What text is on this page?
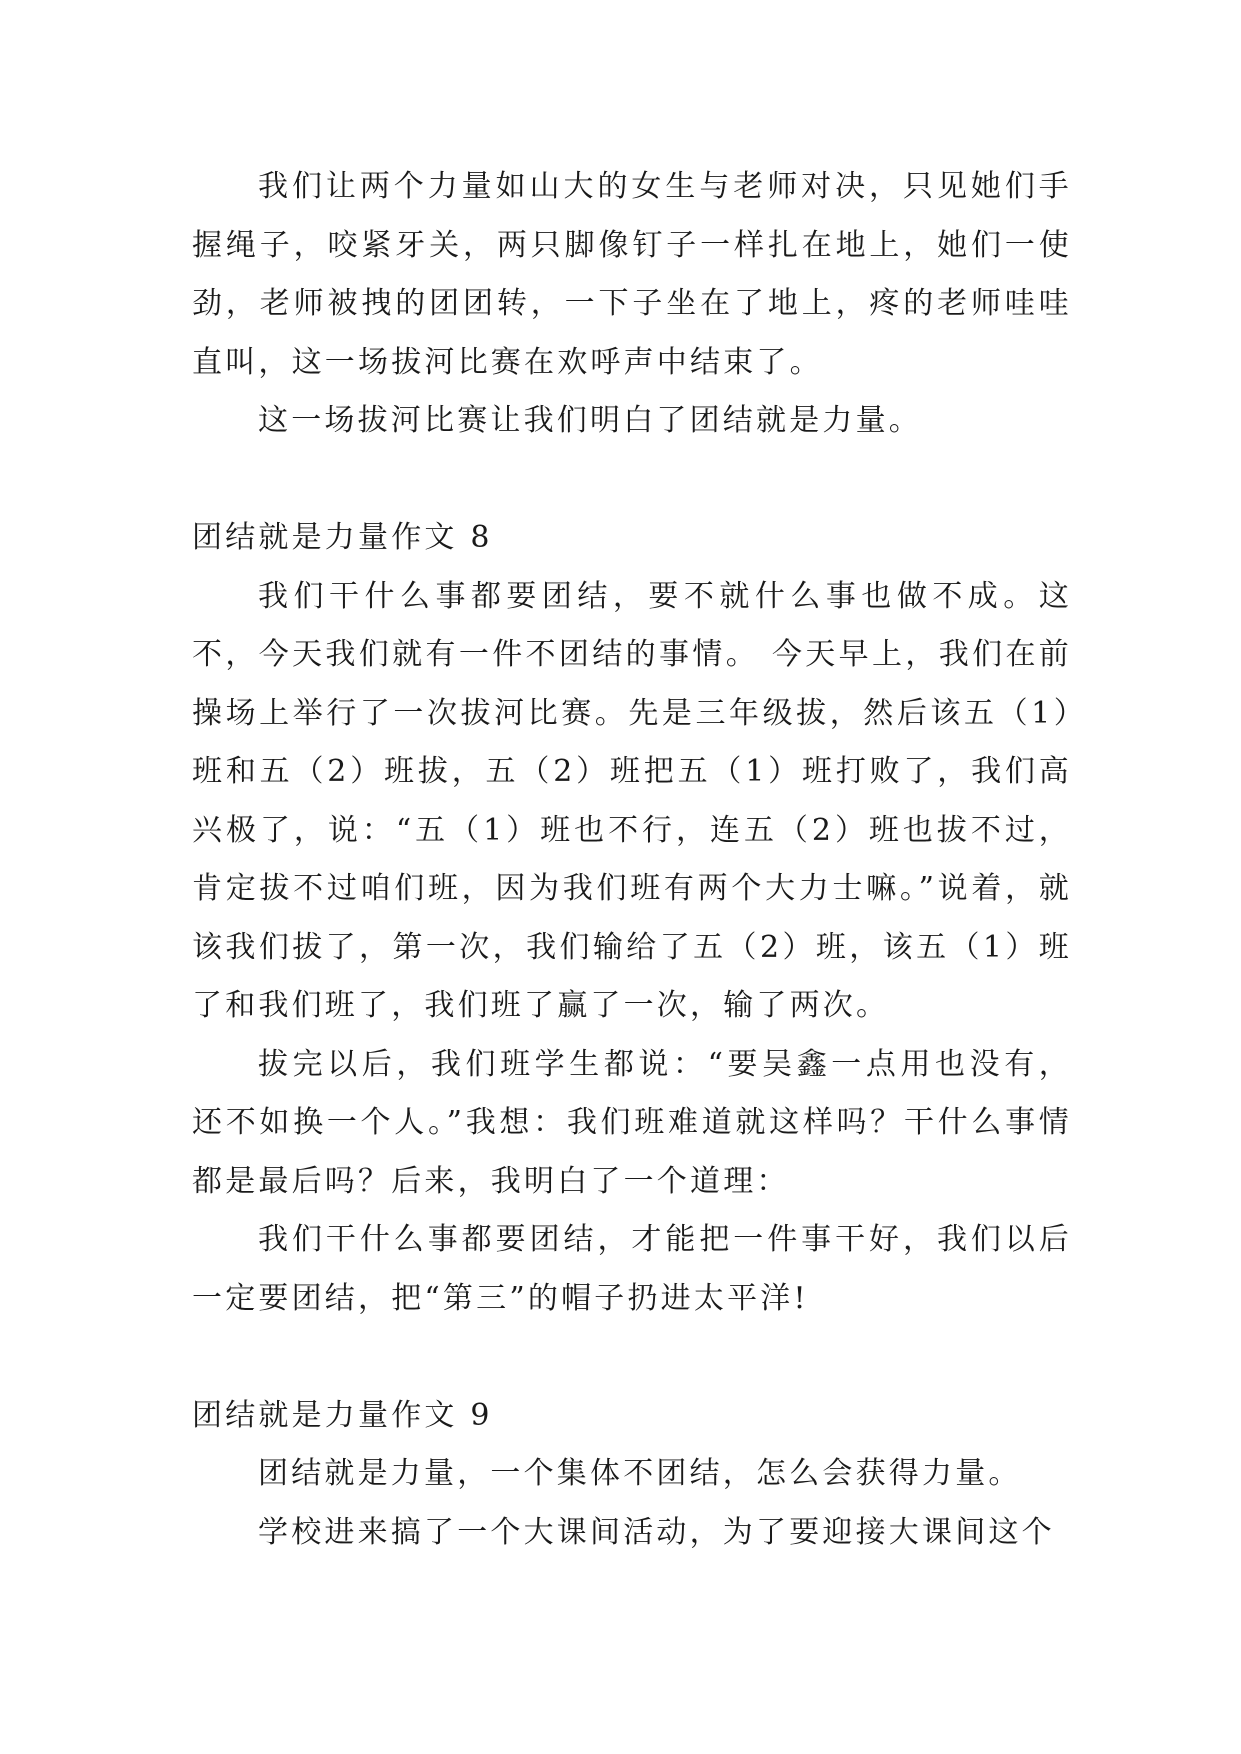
我们让两个力量如山大的女生与老师对决，只见她们手握绳子，咬紧牙关，两只脚像钉子一样扎在地上，她们一使劲，老师被拽的团团转，一下子坐在了地上，疼的老师哇哇直叫，这一场拔河比赛在欢呼声中结束了。

这一场拔河比赛让我们明白了团结就是力量。

团结就是力量作文 8

我们干什么事都要团结，要不就什么事也做不成。这不，今天我们就有一件不团结的事情。 今天早上，我们在前操场上举行了一次拔河比赛。先是三年级拔，然后该五（1）班和五（2）班拔，五（2）班把五（1）班打败了，我们高兴极了，说：“五（1）班也不行，连五（2）班也拔不过，肯定拔不过咱们班，因为我们班有两个大力士嘛。”说着，就该我们拔了，第一次，我们输给了五（2）班，该五（1）班了和我们班了，我们班了赢了一次，输了两次。

拔完以后，我们班学生都说：“要吴鑫一点用也没有，还不如换一个人。”我想：我们班难道就这样吗？干什么事情都是最后吗？后来，我明白了一个道理：

我们干什么事都要团结，才能把一件事干好，我们以后一定要团结，把“第三”的帽子扔进太平洋!

团结就是力量作文 9

团结就是力量，一个集体不团结，怎么会获得力量。

学校进来搞了一个大课间活动，为了要迎接大课间这个
